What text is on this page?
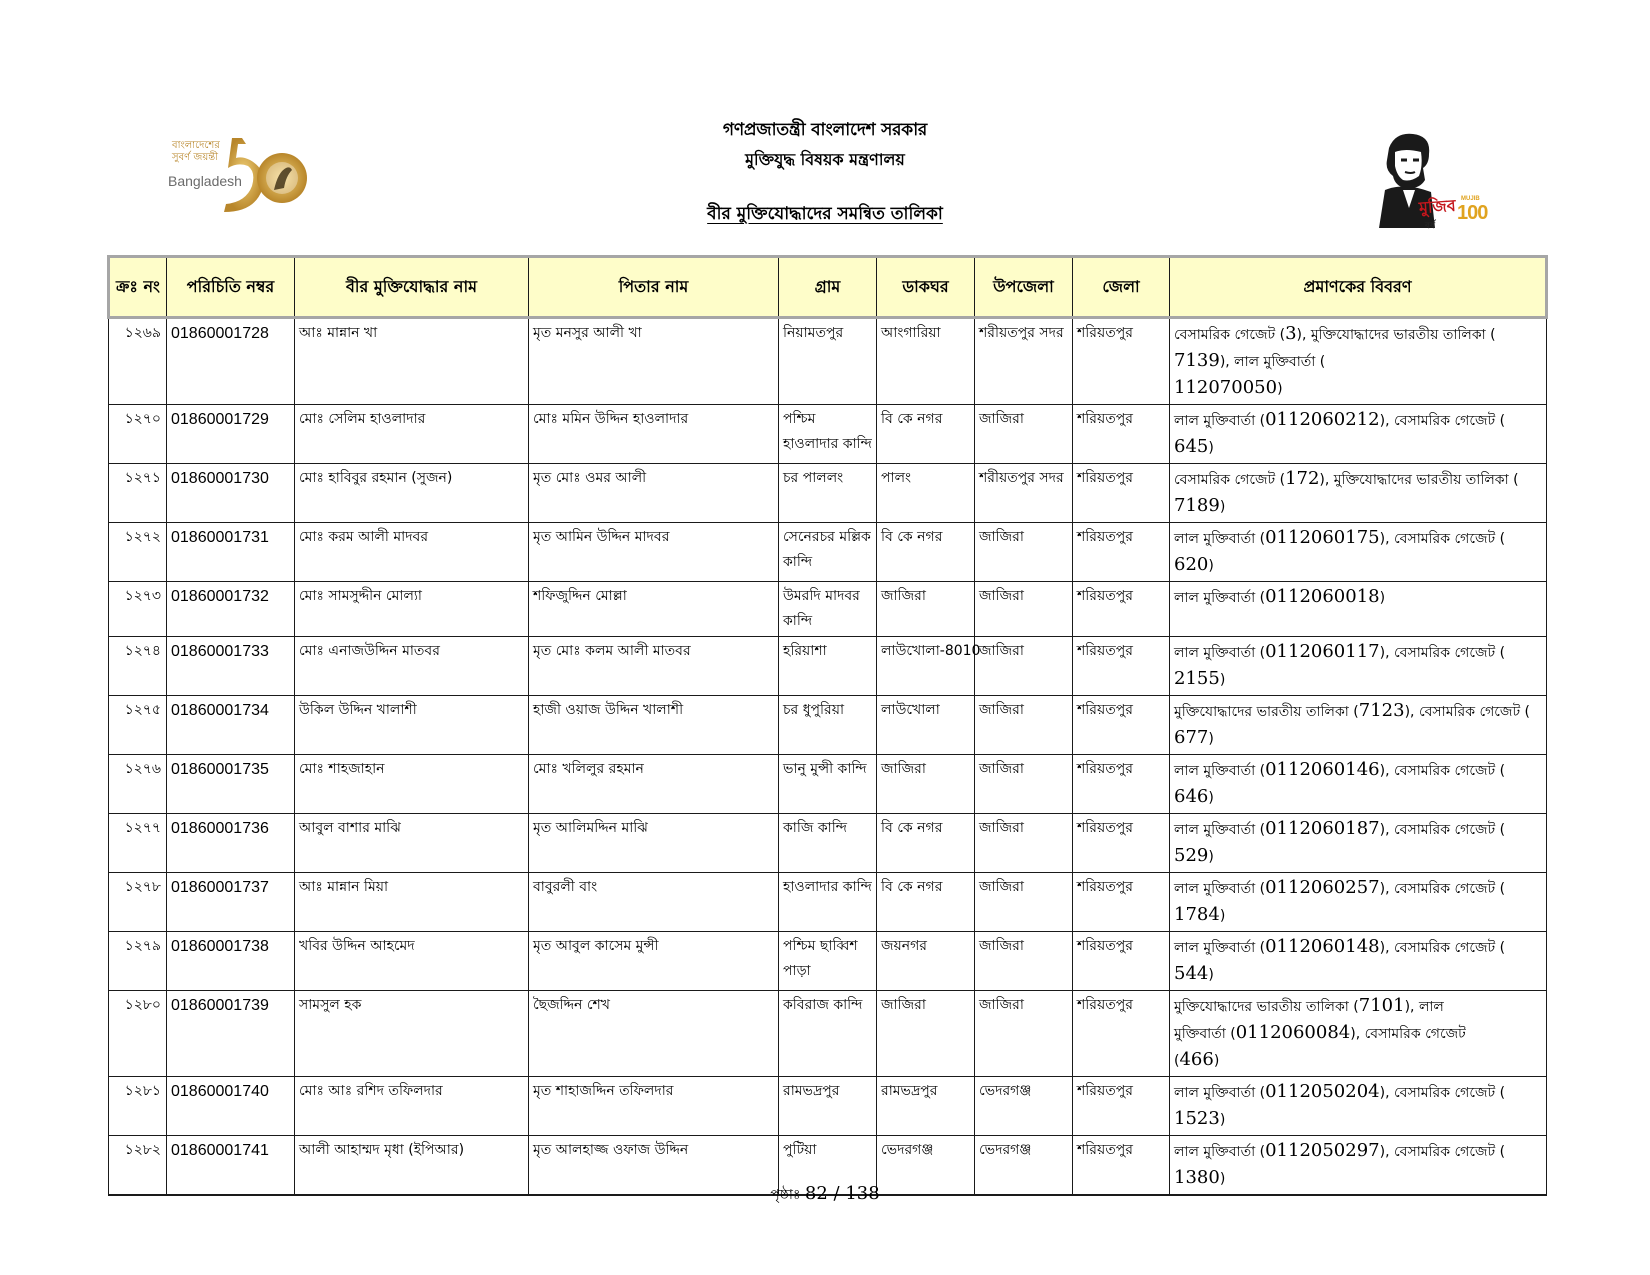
বাংলাদেশের সুবর্ণ জয়ন্তী
Bangladesh
গণপ্রজাতন্ত্রী বাংলাদেশ সরকার
মুক্তিযুদ্ধ বিষয়ক মন্ত্রণালয়
বীর মুক্তিযোদ্ধাদের সমন্বিত তালিকা	মুজিব MUJIB
100
বর্ষ
ক্রঃ নং	পরিচিতি নম্বর	বীর মুক্তিযোদ্ধার নাম	পিতার নাম	গ্রাম	ডাকঘর	উপজেলা	জেলা	প্রমাণকের বিবরণ
১২৬৯	01860001728	আঃ মান্নান খা	মৃত মনসুর আলী খা	নিয়ামতপুর	আংগারিয়া	শরীয়তপুর সদর	শরিয়তপুর	বেসামরিক গেজেট (3), মুক্তিযোদ্ধাদের ভারতীয় তালিকা (
7139), লাল মুক্তিবার্তা (
112070050)

১২৭০	01860001729	মোঃ সেলিম হাওলাদার	মোঃ মমিন উদ্দিন হাওলাদার	পশ্চিম হাওলাদার কান্দি	বি কে নগর	জাজিরা	শরিয়তপুর	লাল মুক্তিবার্তা (0112060212), বেসামরিক গেজেট (
645)

১২৭১	01860001730	মোঃ হাবিবুর রহমান (সুজন)	মৃত মোঃ ওমর আলী	চর পাললং	পালং	শরীয়তপুর সদর	শরিয়তপুর	বেসামরিক গেজেট (172), মুক্তিযোদ্ধাদের ভারতীয় তালিকা (
7189)

১২৭২	01860001731	মোঃ করম আলী মাদবর	মৃত আমিন উদ্দিন মাদবর	সেনেরচর মল্লিক কান্দি	বি কে নগর	জাজিরা	শরিয়তপুর	লাল মুক্তিবার্তা (0112060175), বেসামরিক গেজেট (
620)

১২৭৩	01860001732	মোঃ সামসুদ্দীন মোল্যা	শফিজুদ্দিন মোল্লা	উমরদি মাদবর কান্দি	জাজিরা	জাজিরা	শরিয়তপুর	লাল মুক্তিবার্তা (0112060018)

১২৭৪	01860001733	মোঃ এনাজউদ্দিন মাতবর	মৃত মোঃ কলম আলী মাতবর	হরিয়াশা	লাউখোলা-8010	জাজিরা	শরিয়তপুর	লাল মুক্তিবার্তা (0112060117), বেসামরিক গেজেট (
2155)

১২৭৫	01860001734	উকিল উদ্দিন খালাশী	হাজী ওয়াজ উদ্দিন খালাশী	চর ধুপুরিয়া	লাউখোলা	জাজিরা	শরিয়তপুর	মুক্তিযোদ্ধাদের ভারতীয় তালিকা (7123), বেসামরিক গেজেট (
677)

১২৭৬	01860001735	মোঃ শাহজাহান	মোঃ খলিলুর রহমান	ভানু মুন্সী কান্দি	জাজিরা	জাজিরা	শরিয়তপুর	লাল মুক্তিবার্তা (0112060146), বেসামরিক গেজেট (
646)

১২৭৭	01860001736	আবুল বাশার মাঝি	মৃত আলিমদ্দিন মাঝি	কাজি কান্দি	বি কে নগর	জাজিরা	শরিয়তপুর	লাল মুক্তিবার্তা (0112060187), বেসামরিক গেজেট (
529)

১২৭৮	01860001737	আঃ মান্নান মিয়া	বাবুরলী বাং	হাওলাদার কান্দি	বি কে নগর	জাজিরা	শরিয়তপুর	লাল মুক্তিবার্তা (0112060257), বেসামরিক গেজেট (
1784)

১২৭৯	01860001738	খবির উদ্দিন আহমেদ	মৃত আবুল কাসেম মুন্সী	পশ্চিম ছাব্বিশ পাড়া	জয়নগর	জাজিরা	শরিয়তপুর	লাল মুক্তিবার্তা (0112060148), বেসামরিক গেজেট (
544)

১২৮০	01860001739	সামসুল হক	ছৈজদ্দিন শেখ	কবিরাজ কান্দি	জাজিরা	জাজিরা	শরিয়তপুর	মুক্তিযোদ্ধাদের ভারতীয় তালিকা (7101), লাল
মুক্তিবার্তা (0112060084), বেসামরিক গেজেট
(466)

১২৮১	01860001740	মোঃ আঃ রশিদ তফিলদার	মৃত শাহাজদ্দিন তফিলদার	রামভদ্রপুর	রামভদ্রপুর	ভেদরগঞ্জ	শরিয়তপুর	লাল মুক্তিবার্তা (0112050204), বেসামরিক গেজেট (
1523)

১২৮২	01860001741	আলী আহাম্মদ মৃধা (ইপিআর)	মৃত আলহাজ্জ ওফাজ উদ্দিন	পুটিয়া	ভেদরগঞ্জ	ভেদরগঞ্জ	শরিয়তপুর	লাল মুক্তিবার্তা (0112050297), বেসামরিক গেজেট (
1380)
পৃষ্ঠাঃ 82 / 138
